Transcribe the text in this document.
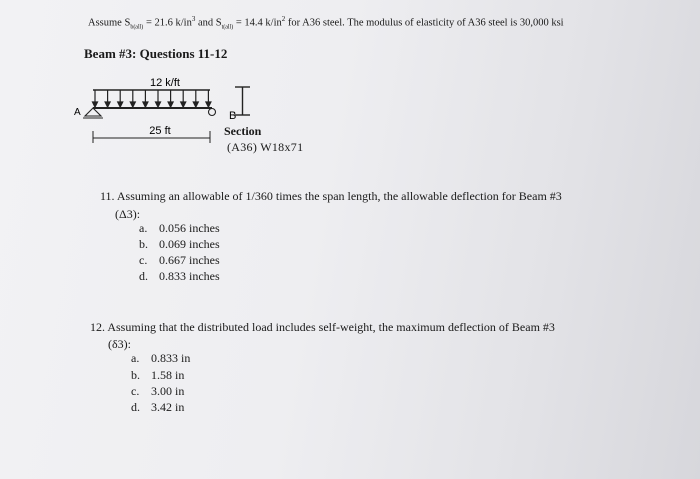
Assume $S_{b(all)} = 21.6$ $k/in^3$ and $S_{t(all)} = 14.4$ $k/in^2$ for A36 steel. The modulus of elasticity of A36 steel is 30,000 ksi
Beam #3: Questions 11-12
12 k/ft
A	B
25 ft	Section
(A36) W18x71
11. Assuming an allowable of 1/360 times the span length, the allowable deflection for Beam #3
(Δ3):
a. 0.056 inches
b. 0.069 inches
c. 0.667 inches
d. 0.833 inches
12. Assuming that the distributed load includes self-weight, the maximum deflection of Beam #3
(δ3):
a. 0.833 in
b. 1.58 in
c. 3.00 in
d. 3.42 in
